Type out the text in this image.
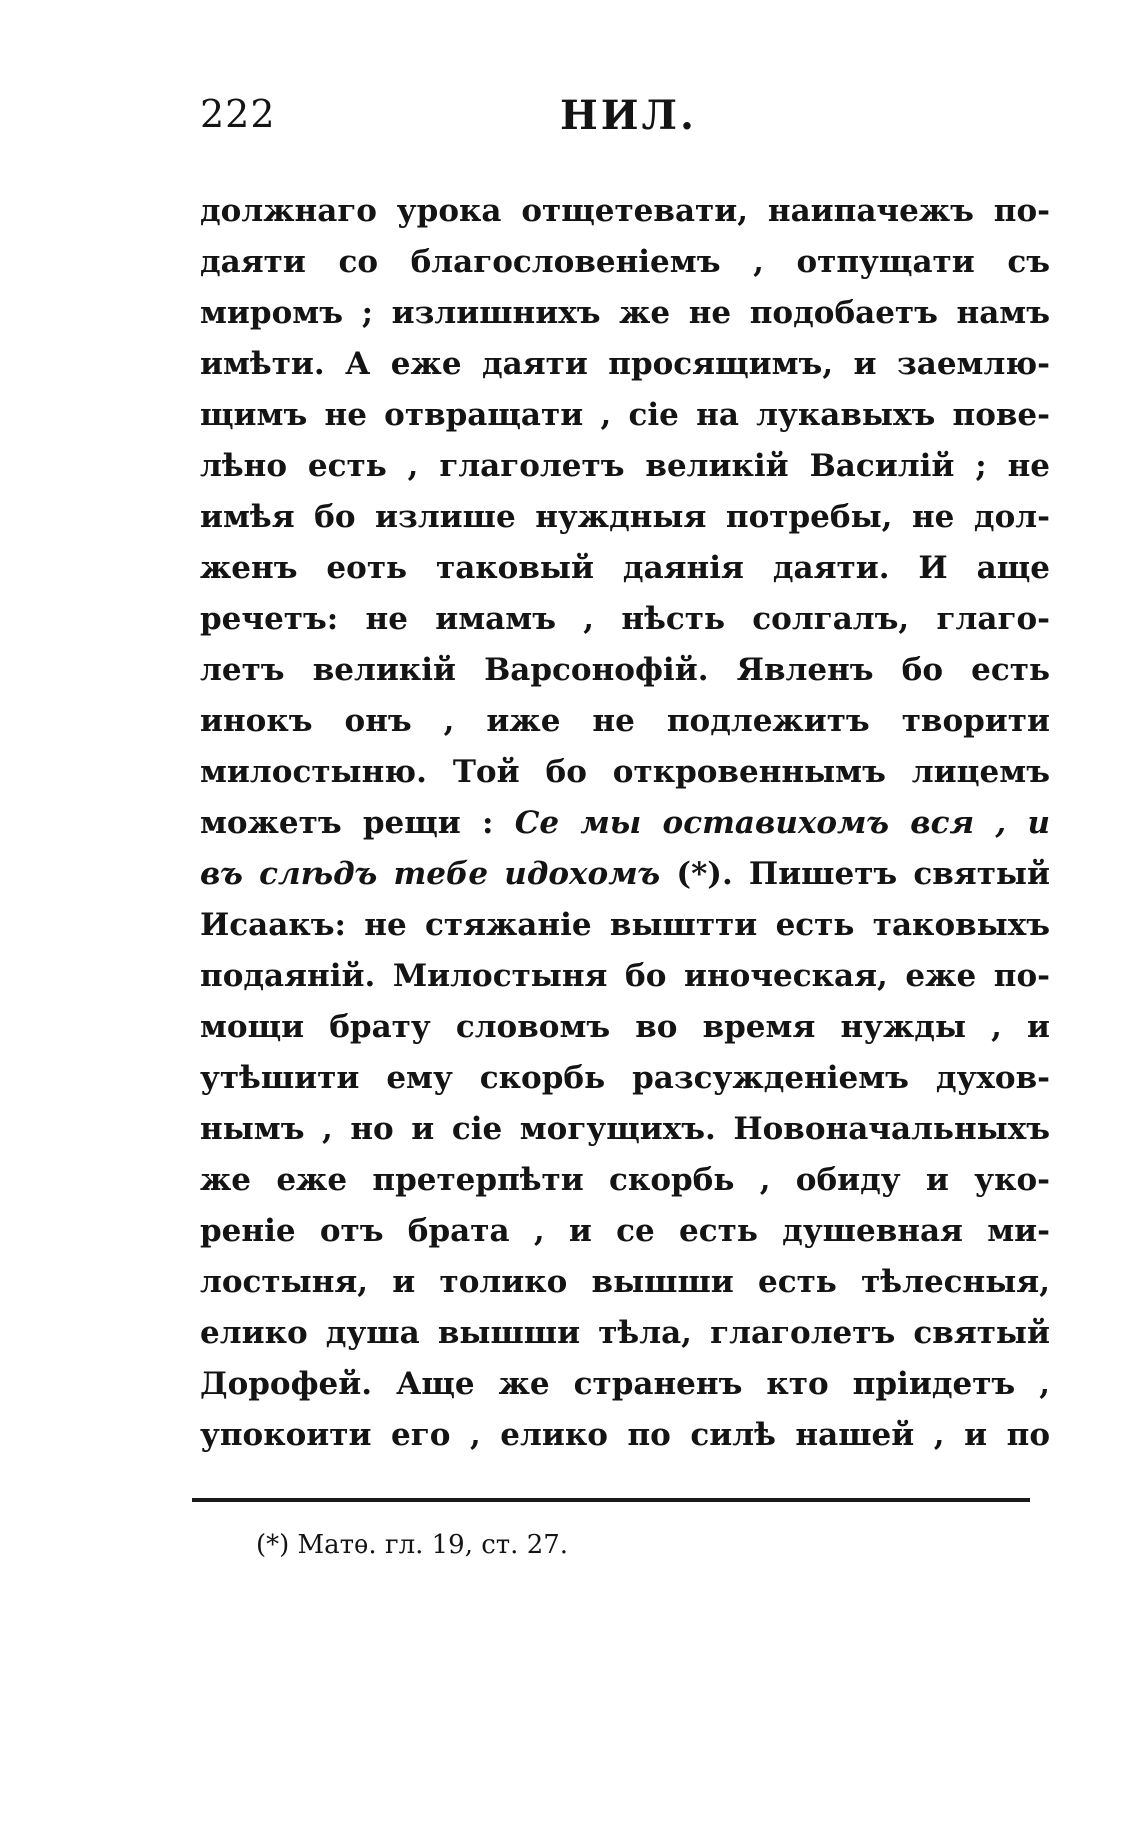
222	НИЛ.
должнаго урока отщетевати, наипачежъ по-
даяти со благословеніемъ , отпущати съ
миромъ ; излишнихъ же не подобаетъ намъ
имѣти. А еже даяти просящимъ, и заемлю-
щимъ не отвращати , сіе на лукавыхъ пове-
лѣно есть , глаголетъ великій Василій ; не
имѣя бо излише нуждныя потребы, не дол-
женъ еоть таковый даянія даяти. И аще
речетъ: не имамъ , нѣсть солгалъ, глаго-
летъ великій Варсонофій. Явленъ бо есть
инокъ онъ , иже не подлежитъ творити
милостыню. Той бо откровеннымъ лицемъ
можетъ рещи : Се мы оставихомъ вся , и
въ слѣдъ тебе идохомъ (*). Пишетъ святый
Исаакъ: не стяжаніе выштти есть таковыхъ
подаяній. Милостыня бо иноческая, еже по-
мощи брату словомъ во время нужды , и
утѣшити ему скорбь разсужденіемъ духов-
нымъ , но и сіе могущихъ. Новоначальныхъ
же еже претерпѣти скорбь , обиду и уко-
реніе отъ брата , и се есть душевная ми-
лостыня, и толико вышши есть тѣлесныя,
елико душа вышши тѣла, глаголетъ святый
Дорофей. Аще же страненъ кто пріидетъ ,
упокоити его , елико по силѣ нашей , и по
(*) Матѳ. гл. 19, ст. 27.
